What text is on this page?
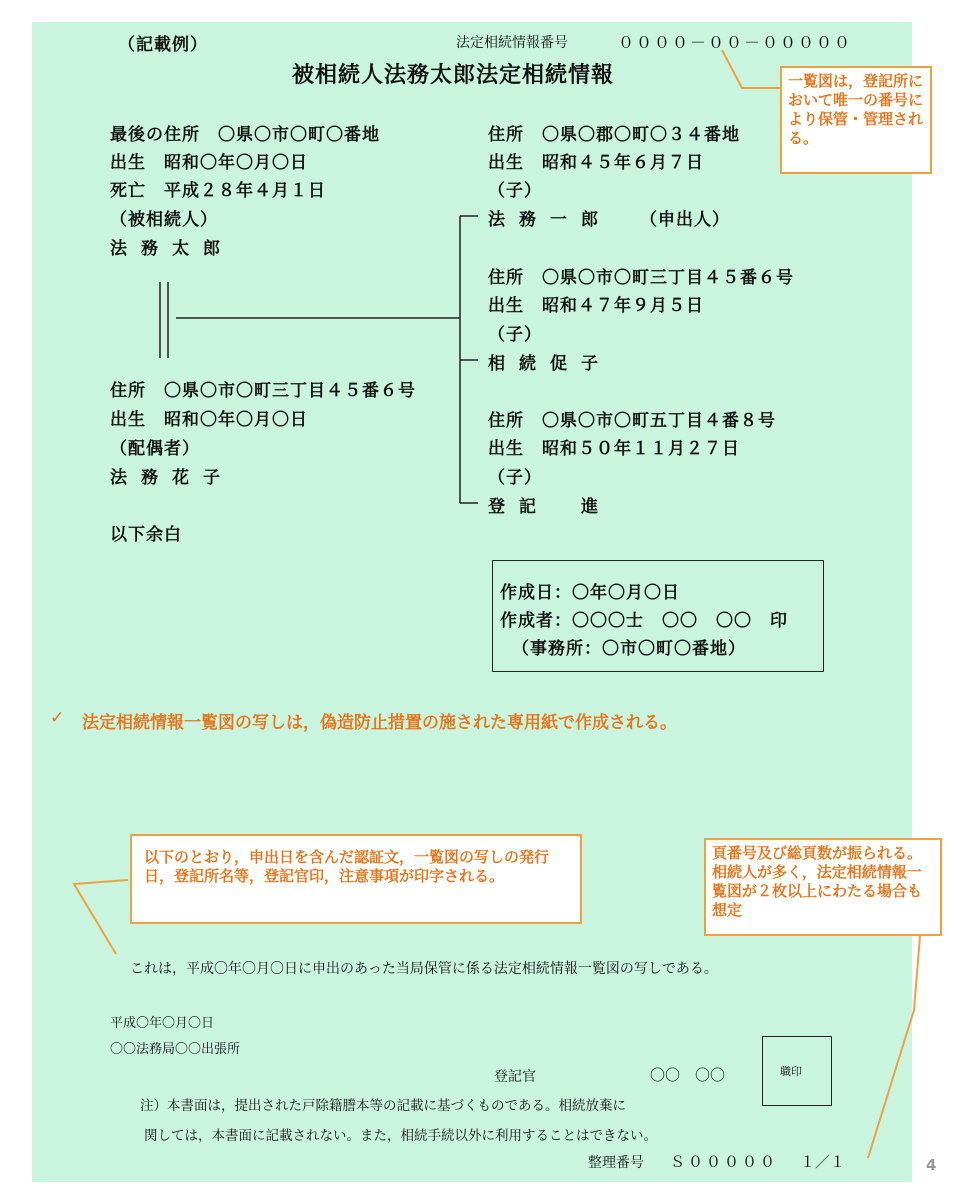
（記載例）	法定相続情報番号	００００－００－０００００
被相続人法務太郎法定相続情報	一覧図は，登記所において唯一の番号により保管・管理される。
最後の住所　〇県〇市〇町〇番地
出生　昭和〇年〇月〇日
死亡　平成２８年４月１日
（被相続人）
法務太郎
住所　〇県〇市〇町三丁目４５番６号
出生　昭和〇年〇月〇日
（配偶者）
法務花子
住所　〇県〇郡〇町〇３４番地
出生　昭和４５年６月７日
（子）
法務一郎 （申出人）
住所　〇県〇市〇町三丁目４５番６号
出生　昭和４７年９月５日
（子）
相続促子
住所　〇県〇市〇町五丁目４番８号
出生　昭和５０年１１月２７日
（子）
登記　進
以下余白
作成日：〇年〇月〇日
作成者：〇〇〇士　〇〇　〇〇　印
（事務所：〇市〇町〇番地）
✓ 法定相続情報一覧図の写しは，偽造防止措置の施された専用紙で作成される。
以下のとおり，申出日を含んだ認証文，一覧図の写しの発行日，登記所名等，登記官印，注意事項が印字される。
頁番号及び総頁数が振られる。相続人が多く，法定相続情報一覧図が２枚以上にわたる場合も想定
これは，平成〇年〇月〇日に申出のあった当局保管に係る法定相続情報一覧図の写しである。
平成〇年〇月〇日
〇〇法務局〇〇出張所
登記官	〇〇　〇〇	職印
注）本書面は，提出された戸除籍謄本等の記載に基づくものである。相続放棄に
関しては，本書面に記載されない。また，相続手続以外に利用することはできない。
整理番号 Ｓ０００００ １／１	4
